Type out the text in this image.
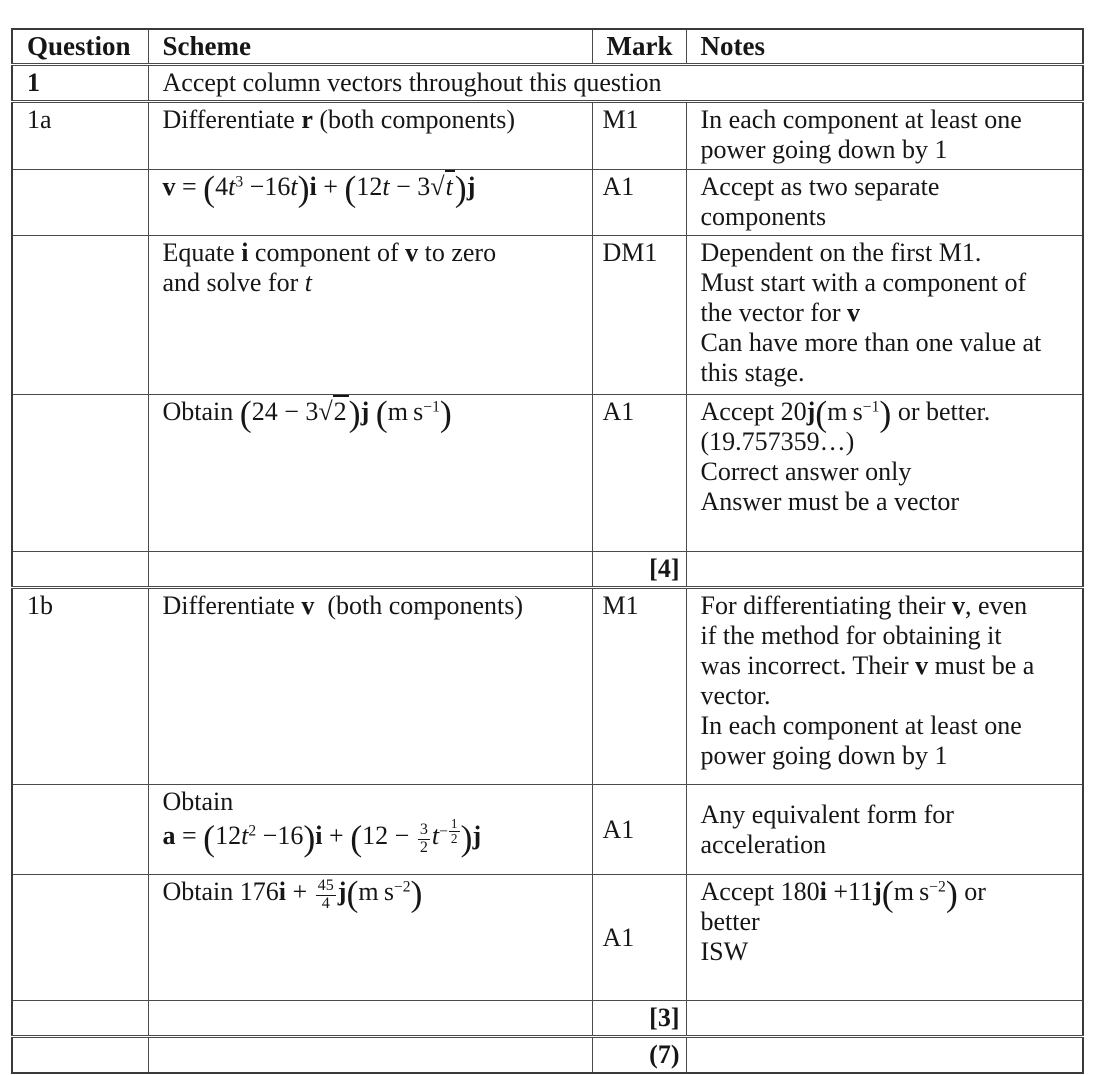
Question	Scheme	Mark	Notes
1	Accept column vectors throughout this question		
1a	Differentiate r (both components)	M1	In each component at least one
power going down by 1
	$v = (4t^3 -16t)i + (12t - 3√t)j$	A1	Accept as two separate
components
	Equate i component of v to zero
and solve for t	DM1	Dependent on the first M1.
Must start with a component of
the vector for v
Can have more than one value at
this stage.
	Obtain (24 − 3√2)j (m $s^{-1}$)	A1	Accept 20j(m $s^{-1}$) or better.
(19.757359…)
Correct answer only
Answer must be a vector
		[4]	
1b	Differentiate v  (both components)	M1	For differentiating their v, even
if the method for obtaining it
was incorrect. Their v must be a
vector.
In each component at least one
power going down by 1
	Obtain
$a = (12t^2 -16)i + (12 - \frac{3}{2} t^{- \frac{1}{2}}$ )j	A1	Any equivalent form for
acceleration
	Obtain $176i + \frac{45}{4} j(m$ $s^{-2}$)	A1	Accept 180i +11j(m $s^{-2}$) or
better
ISW
		[3]	
		(7)	
